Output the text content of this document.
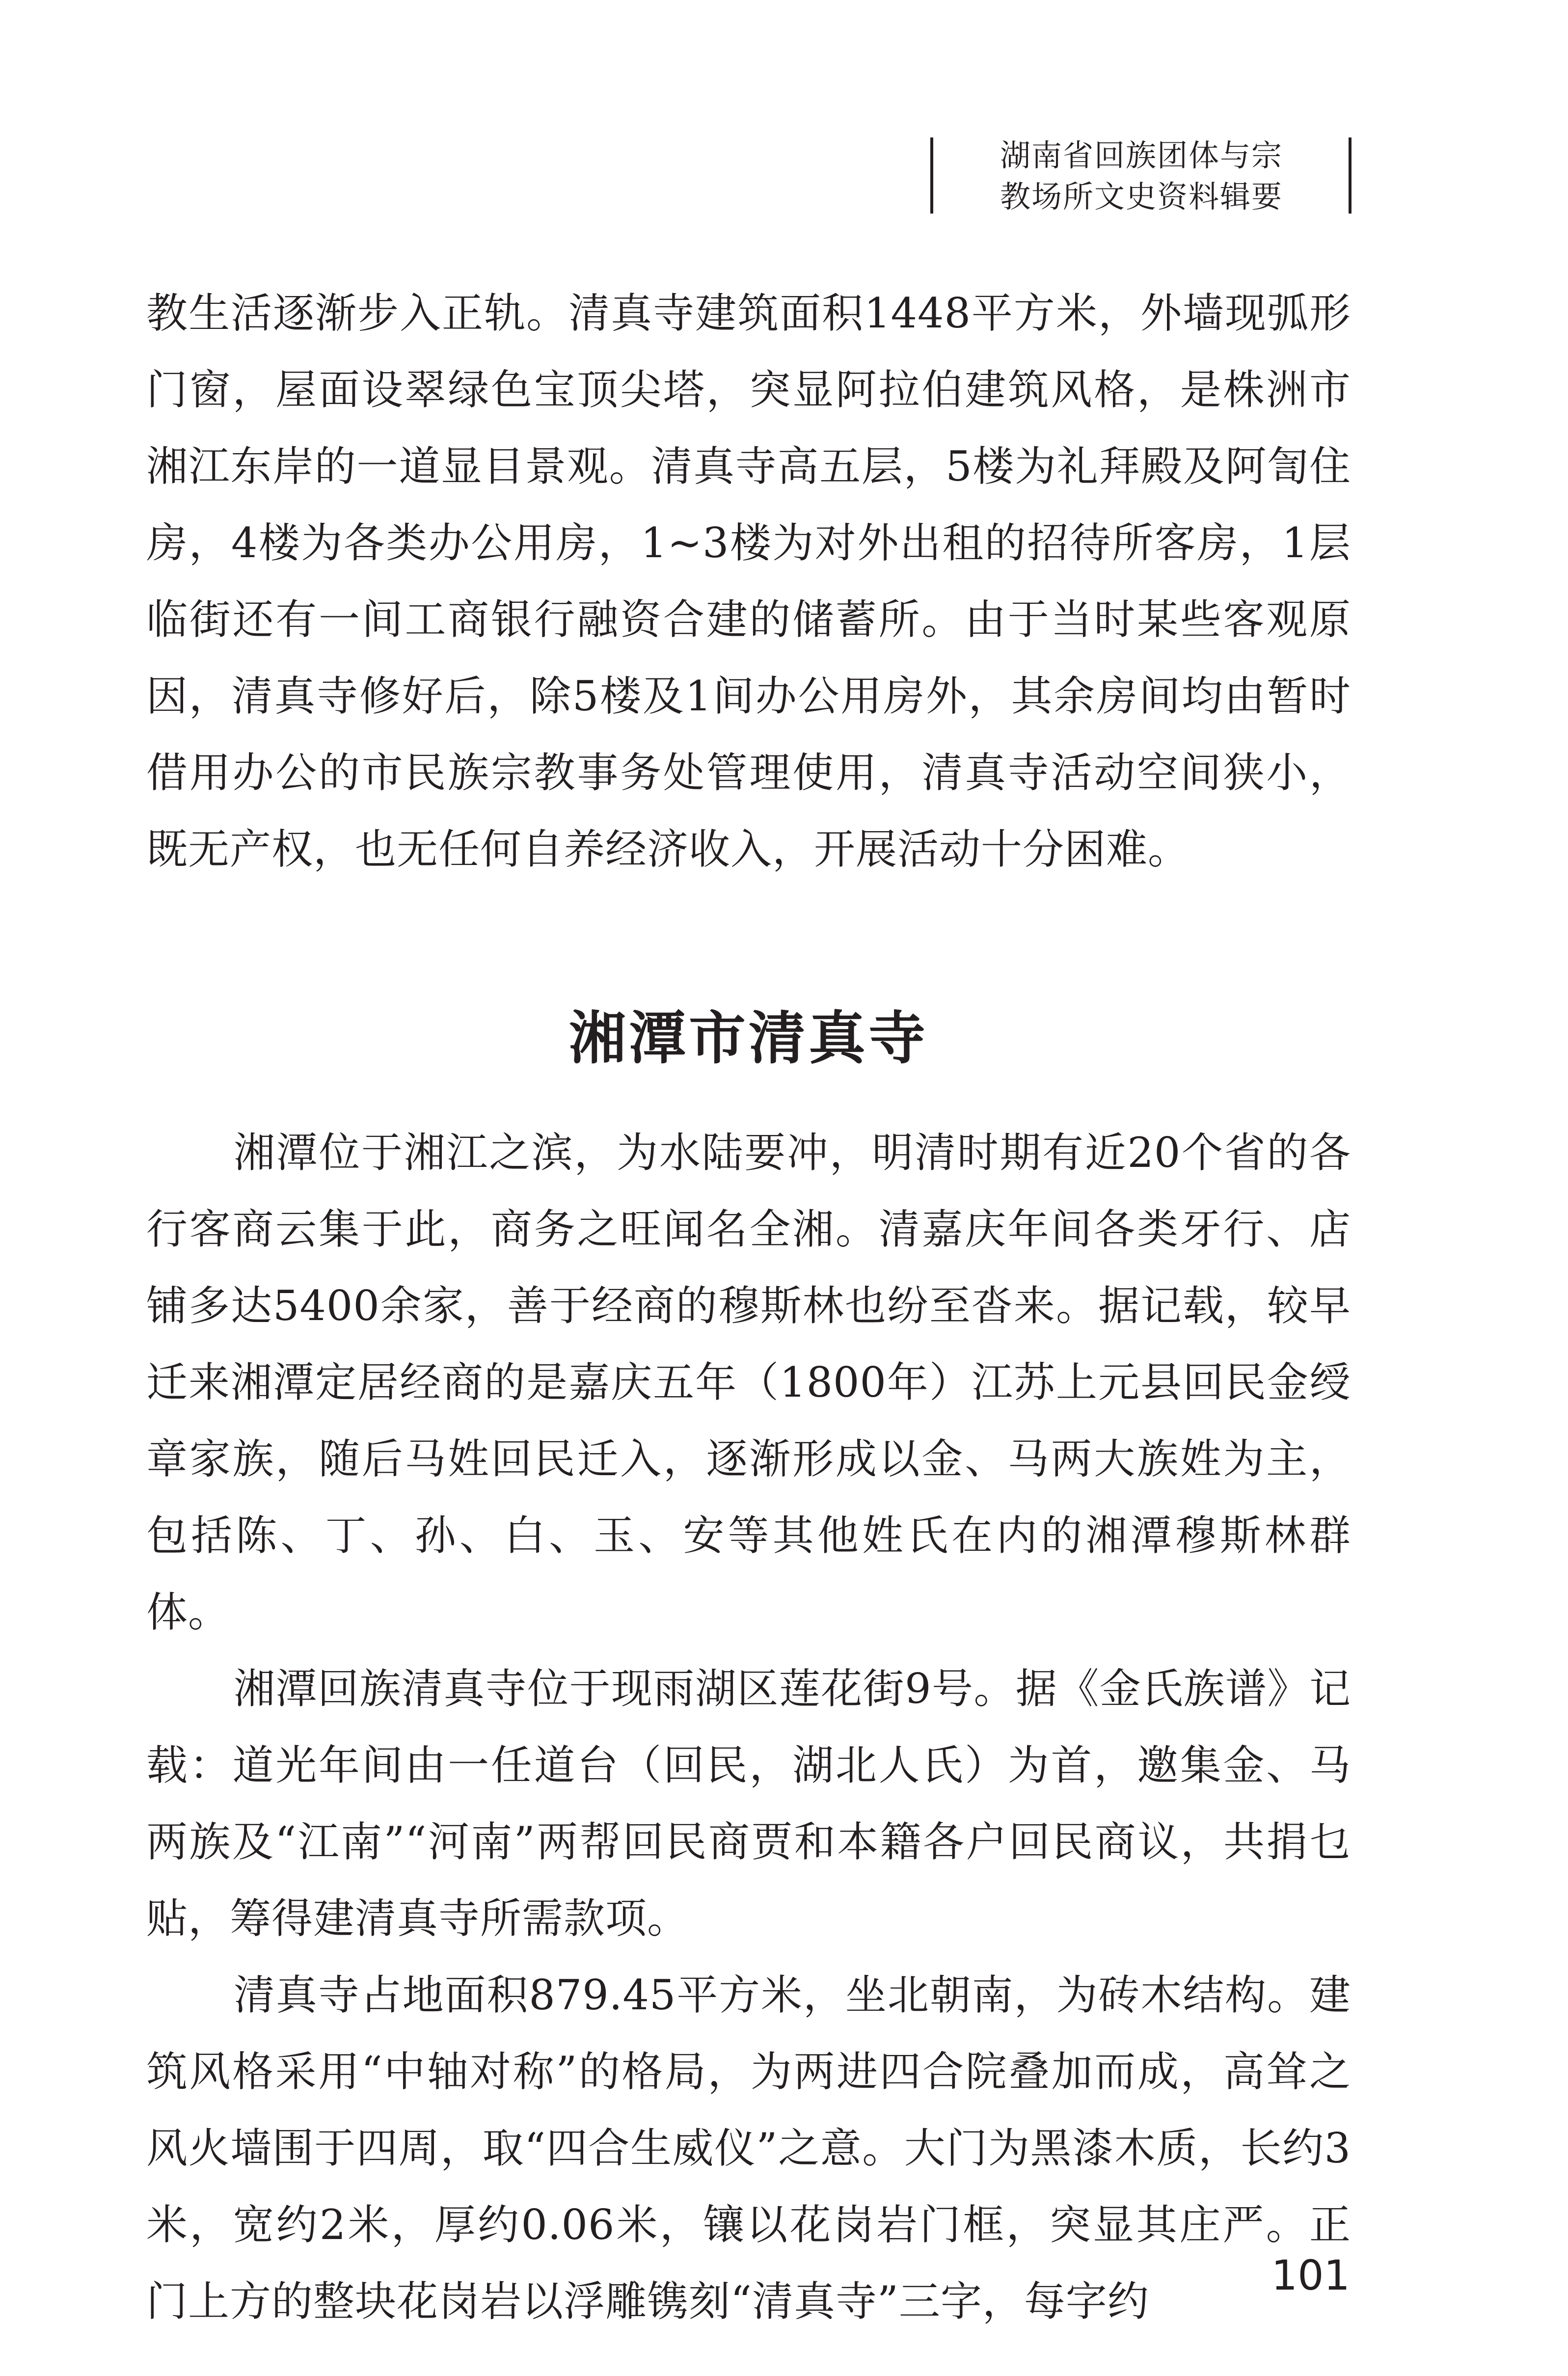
湖南省回族团体与宗
教场所文史资料辑要

教生活逐渐步入正轨。清真寺建筑面积1448平方米，外墙现弧形门窗，屋面设翠绿色宝顶尖塔，突显阿拉伯建筑风格，是株洲市湘江东岸的一道显目景观。清真寺高五层，5楼为礼拜殿及阿訇住房，4楼为各类办公用房，1~3楼为对外出租的招待所客房，1层临街还有一间工商银行融资合建的储蓄所。由于当时某些客观原因，清真寺修好后，除5楼及1间办公用房外，其余房间均由暂时借用办公的市民族宗教事务处管理使用，清真寺活动空间狭小，既无产权，也无任何自养经济收入，开展活动十分困难。

湘潭市清真寺

湘潭位于湘江之滨，为水陆要冲，明清时期有近20个省的各行客商云集于此，商务之旺闻名全湘。清嘉庆年间各类牙行、店铺多达5400余家，善于经商的穆斯林也纷至沓来。据记载，较早迁来湘潭定居经商的是嘉庆五年（1800年）江苏上元县回民金绶章家族，随后马姓回民迁入，逐渐形成以金、马两大族姓为主，包括陈、丁、孙、白、玉、安等其他姓氏在内的湘潭穆斯林群体。

湘潭回族清真寺位于现雨湖区莲花街9号。据《金氏族谱》记载：道光年间由一任道台（回民，湖北人氏）为首，邀集金、马两族及“江南”“河南”两帮回民商贾和本籍各户回民商议，共捐乜贴，筹得建清真寺所需款项。

清真寺占地面积879.45平方米，坐北朝南，为砖木结构。建筑风格采用“中轴对称”的格局，为两进四合院叠加而成，高耸之风火墙围于四周，取“四合生威仪”之意。大门为黑漆木质，长约3米，宽约2米，厚约0.06米，镶以花岗岩门框，突显其庄严。正门上方的整块花岗岩以浮雕镌刻“清真寺”三字，每字约

101
